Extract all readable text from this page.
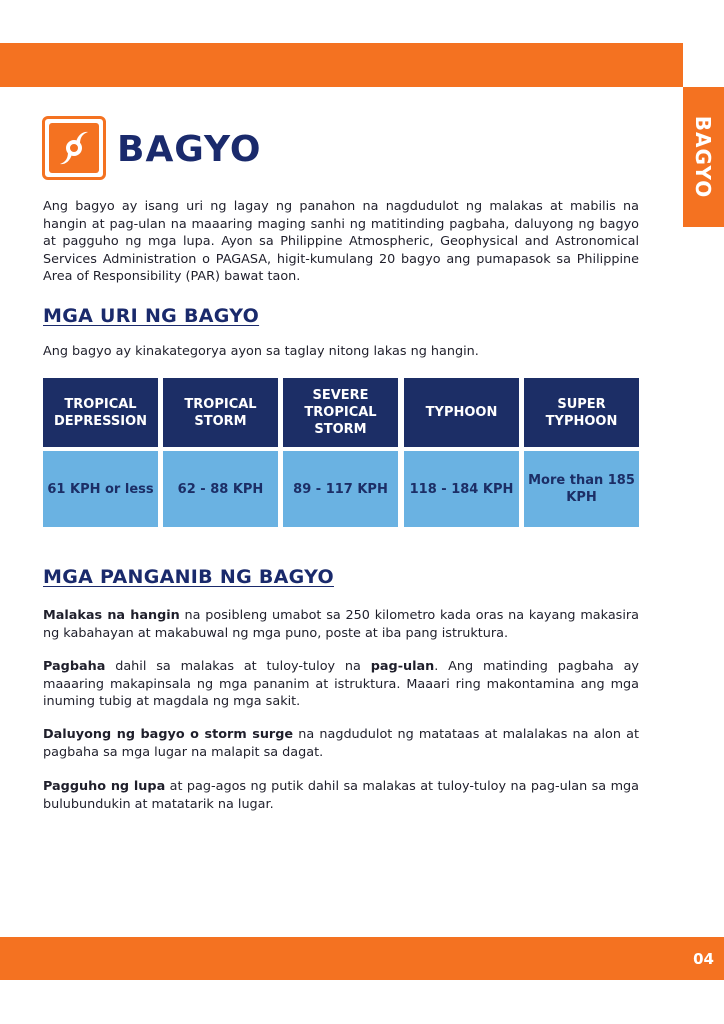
BAGYO
BAGYO

Ang bagyo ay isang uri ng lagay ng panahon na nagdudulot ng malakas at mabilis na hangin at pag-ulan na maaaring maging sanhi ng matitinding pagbaha, daluyong ng bagyo at pagguho ng mga lupa. Ayon sa Philippine Atmospheric, Geophysical and Astronomical Services Administration o PAGASA, higit-kumulang 20 bagyo ang pumapasok sa Philippine Area of Responsibility (PAR) bawat taon.

MGA URI NG BAGYO

Ang bagyo ay kinakategorya ayon sa taglay nitong lakas ng hangin.

TROPICAL DEPRESSION
61 KPH or less
TROPICAL STORM
62 - 88 KPH
SEVERE TROPICAL STORM
89 - 117 KPH
TYPHOON
118 - 184 KPH
SUPER TYPHOON
More than 185 KPH
MGA PANGANIB NG BAGYO

Malakas na hangin na posibleng umabot sa 250 kilometro kada oras na kayang makasira ng kabahayan at makabuwal ng mga puno, poste at iba pang istruktura.

Pagbaha dahil sa malakas at tuloy-tuloy na pag-ulan. Ang matinding pagbaha ay maaaring makapinsala ng mga pananim at istruktura. Maaari ring makontamina ang mga inuming tubig at magdala ng mga sakit.

Daluyong ng bagyo o storm surge na nagdudulot ng matataas at malalakas na alon at pagbaha sa mga lugar na malapit sa dagat.

Pagguho ng lupa at pag-agos ng putik dahil sa malakas at tuloy-tuloy na pag-ulan sa mga bulubundukin at matatarik na lugar.

04
